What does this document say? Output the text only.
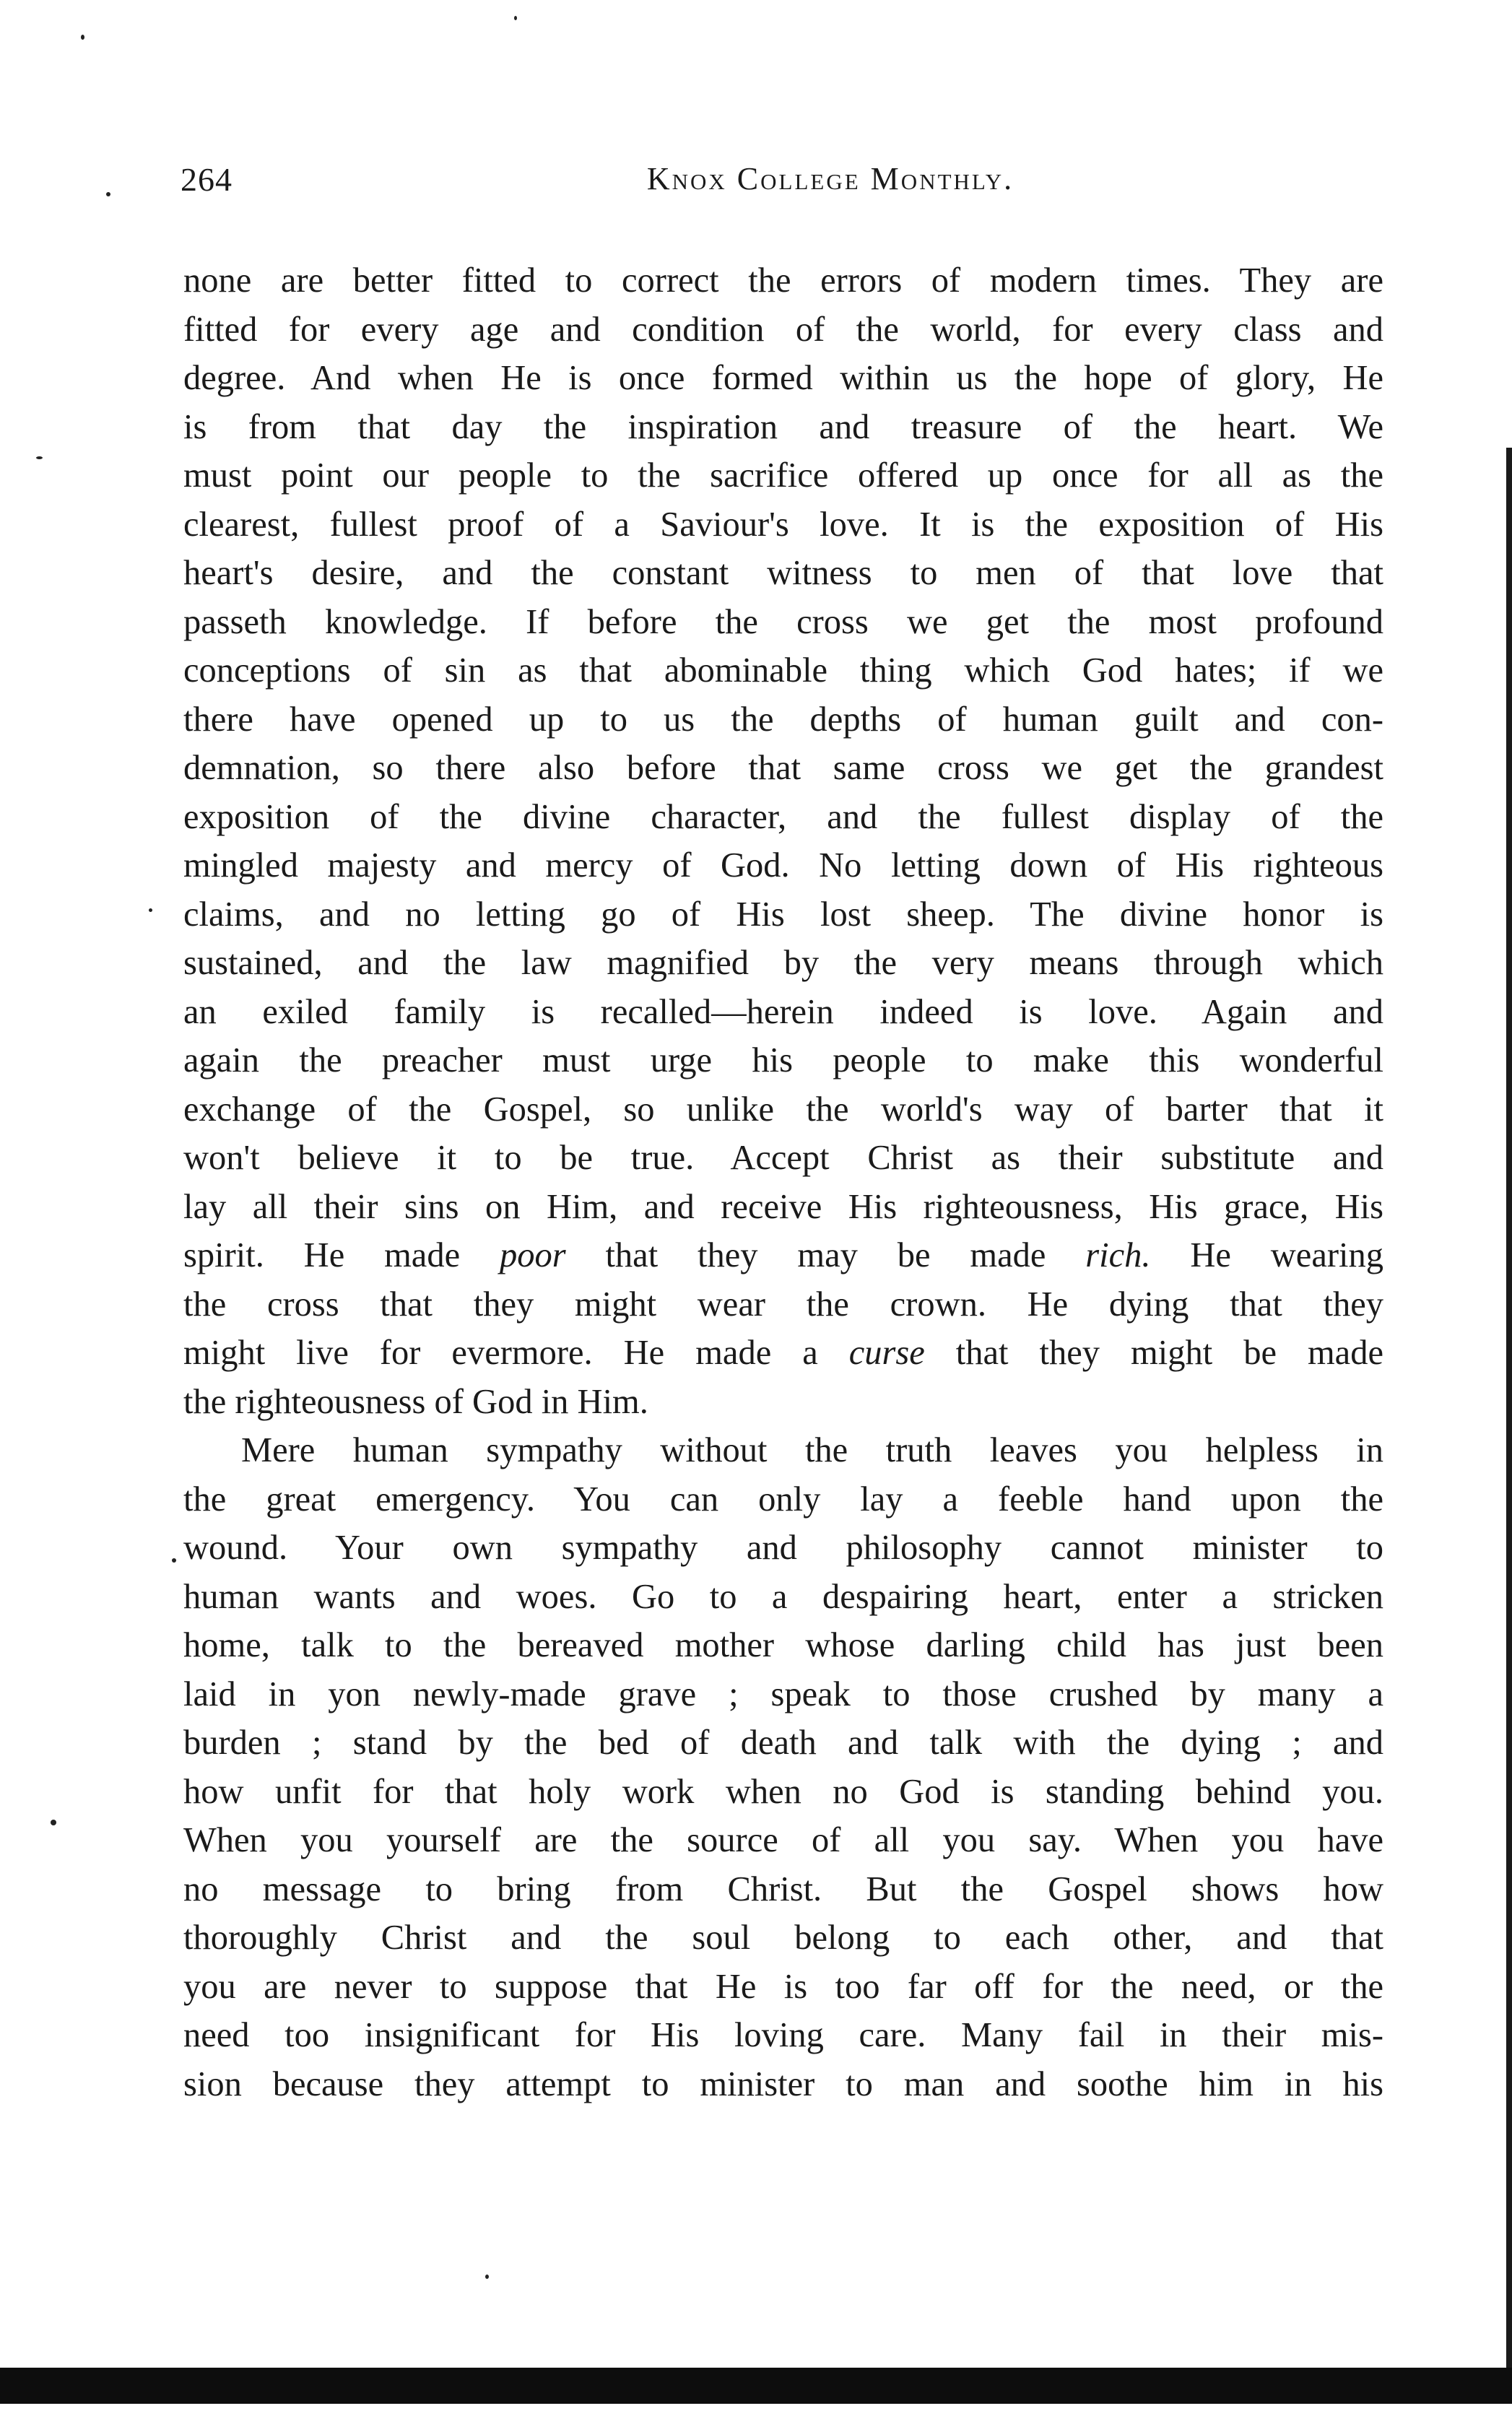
264	Knox College Monthly.
none are better fitted to correct the errors of modern times. They are
fitted for every age and condition of the world, for every class and
degree. And when He is once formed within us the hope of glory, He
is from that day the inspiration and treasure of the heart. We
must point our people to the sacrifice offered up once for all as the
clearest, fullest proof of a Saviour's love. It is the exposition of His
heart's desire, and the constant witness to men of that love that
passeth knowledge. If before the cross we get the most profound
conceptions of sin as that abominable thing which God hates; if we
there have opened up to us the depths of human guilt and con-
demnation, so there also before that same cross we get the grandest
exposition of the divine character, and the fullest display of the
mingled majesty and mercy of God. No letting down of His righteous
claims, and no letting go of His lost sheep. The divine honor is
sustained, and the law magnified by the very means through which
an exiled family is recalled—herein indeed is love. Again and
again the preacher must urge his people to make this wonderful
exchange of the Gospel, so unlike the world's way of barter that it
won't believe it to be true. Accept Christ as their substitute and
lay all their sins on Him, and receive His righteousness, His grace, His
spirit. He made poor that they may be made rich. He wearing
the cross that they might wear the crown. He dying that they
might live for evermore. He made a curse that they might be made
the righteousness of God in Him.
Mere human sympathy without the truth leaves you helpless in
the great emergency. You can only lay a feeble hand upon the
wound. Your own sympathy and philosophy cannot minister to
human wants and woes. Go to a despairing heart, enter a stricken
home, talk to the bereaved mother whose darling child has just been
laid in yon newly-made grave ; speak to those crushed by many a
burden ; stand by the bed of death and talk with the dying ; and
how unfit for that holy work when no God is standing behind you.
When you yourself are the source of all you say. When you have
no message to bring from Christ. But the Gospel shows how
thoroughly Christ and the soul belong to each other, and that
you are never to suppose that He is too far off for the need, or the
need too insignificant for His loving care. Many fail in their mis-
sion because they attempt to minister to man and soothe him in his
